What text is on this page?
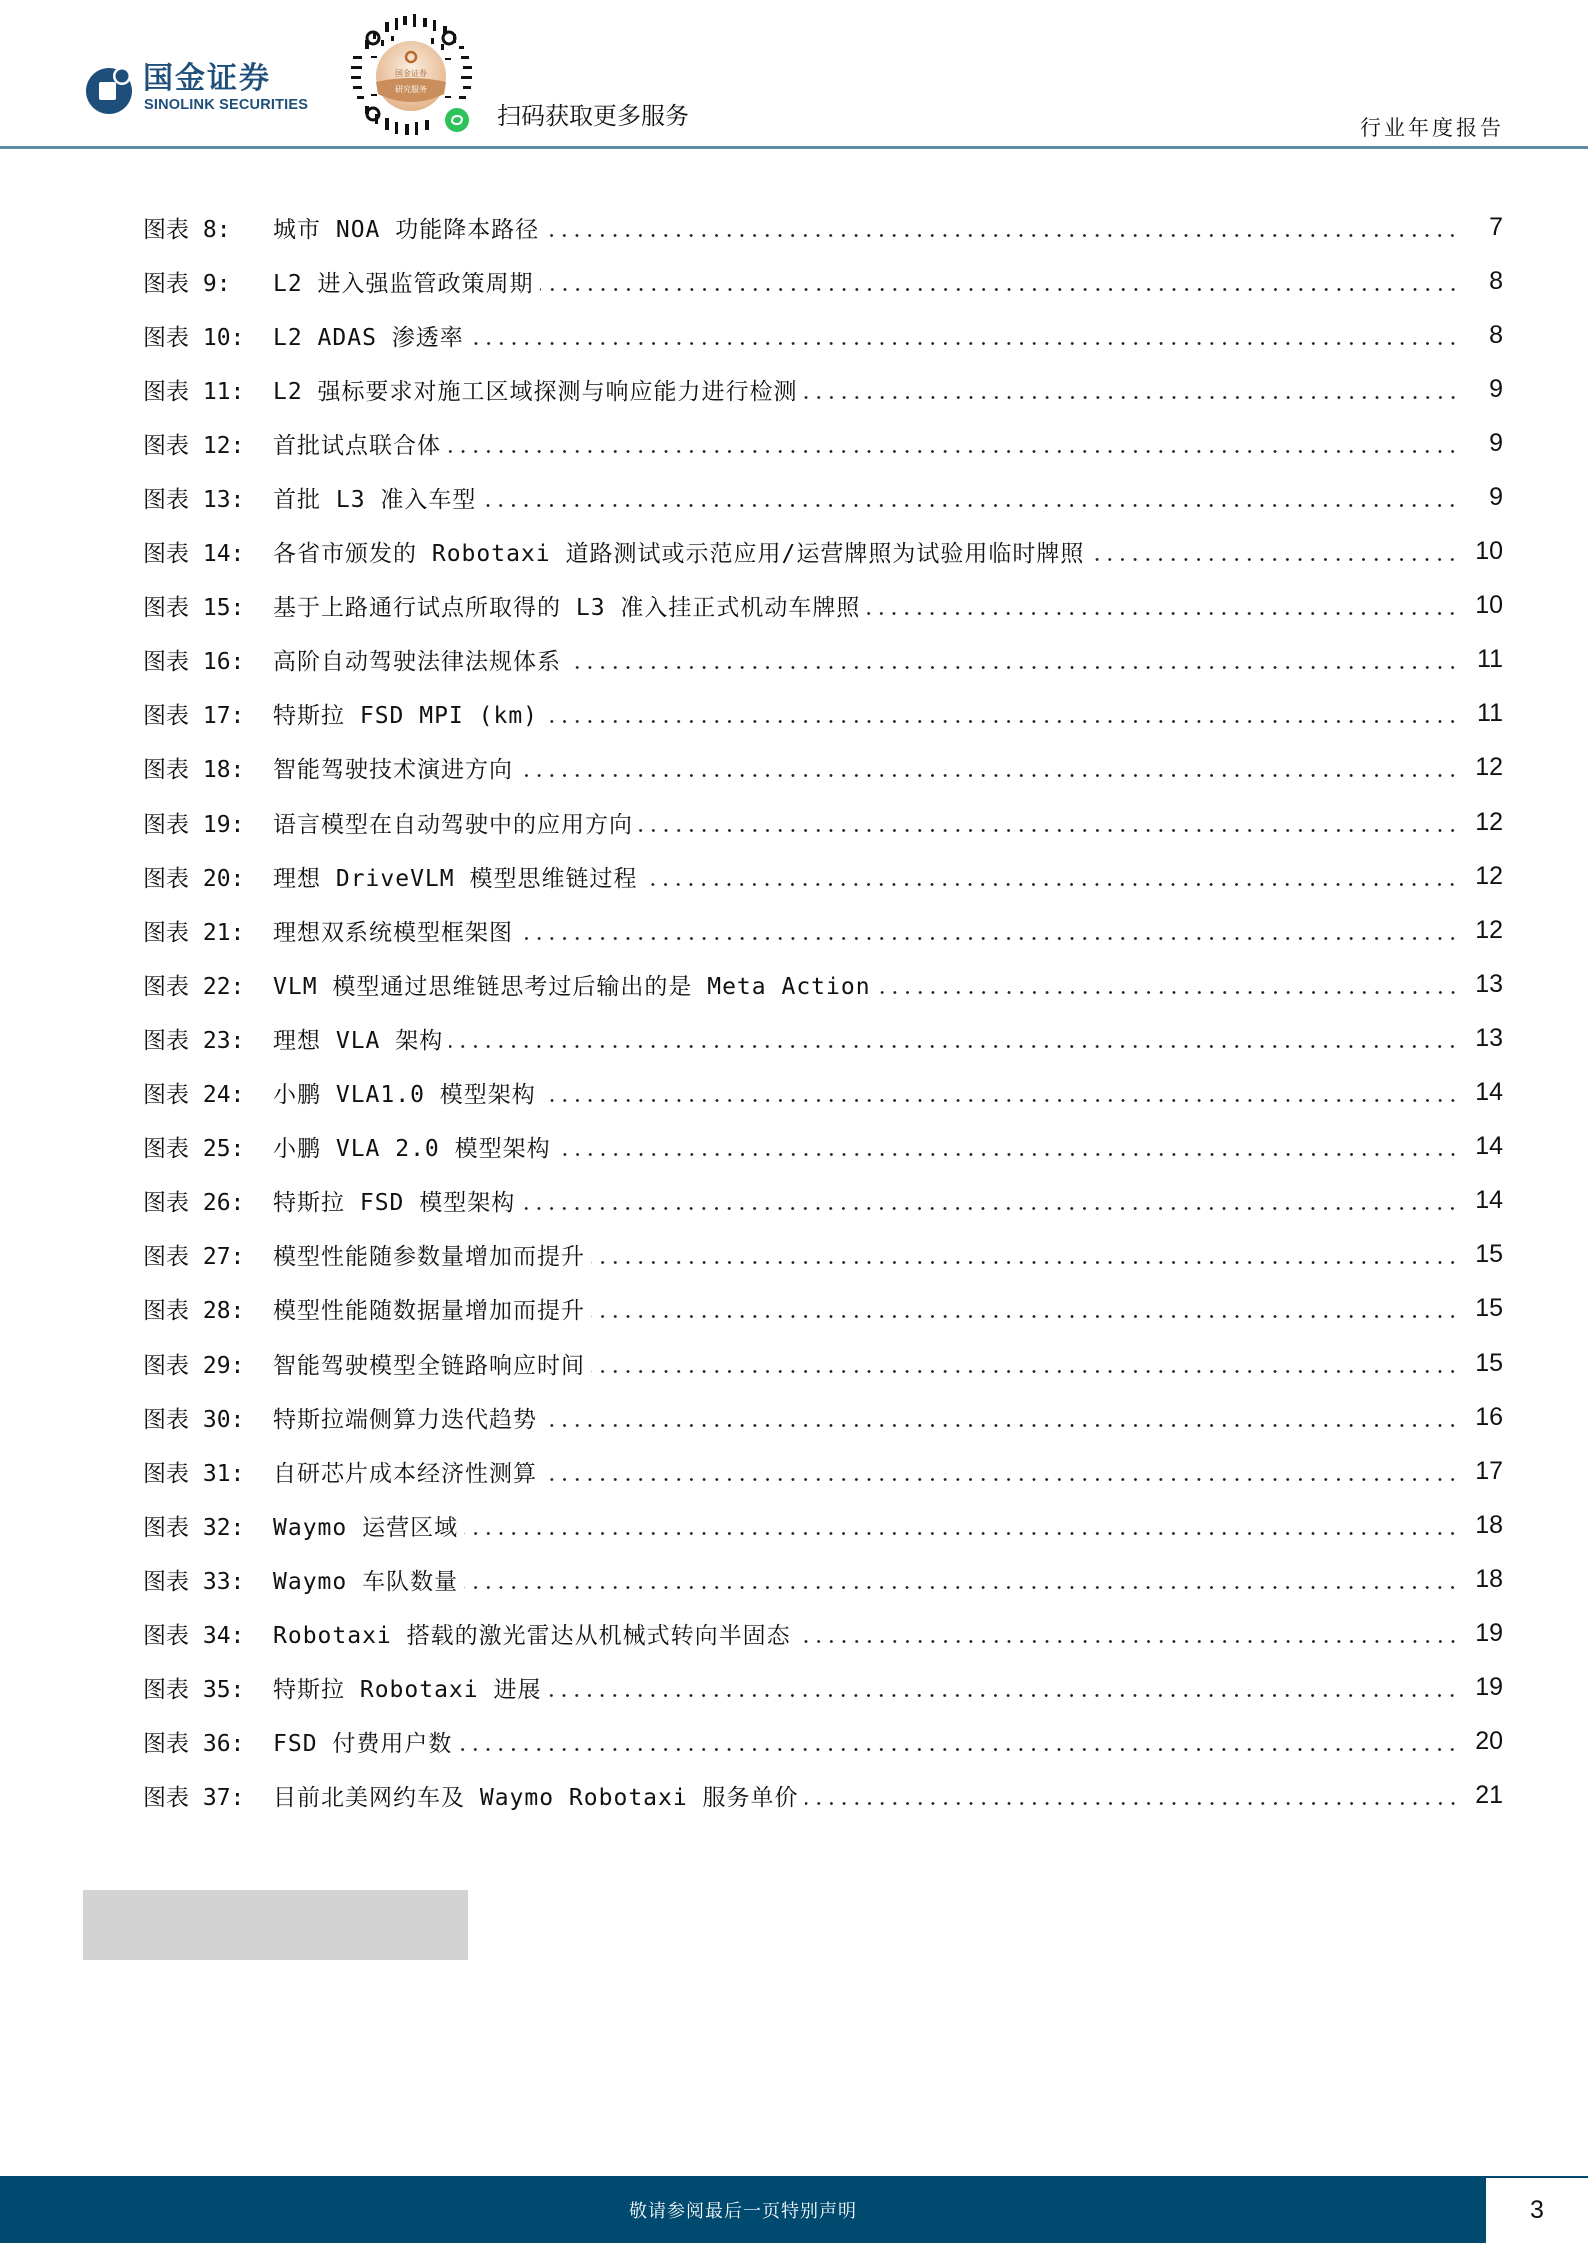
国金证券
SINOLINK SECURITIES
国金证券
研究服务
扫码获取更多服务	行业年度报告
图表 8:	城市 NOA 功能降本路径	7
图表 9:	L2 进入强监管政策周期	8
图表 10:	L2 ADAS 渗透率	8
图表 11:	L2 强标要求对施工区域探测与响应能力进行检测	9
图表 12:	首批试点联合体	9
图表 13:	首批 L3 准入车型	9
图表 14:	各省市颁发的 Robotaxi 道路测试或示范应用/运营牌照为试验用临时牌照	10
图表 15:	基于上路通行试点所取得的 L3 准入挂正式机动车牌照	10
图表 16:	高阶自动驾驶法律法规体系	11
图表 17:	特斯拉 FSD MPI (km)	11
图表 18:	智能驾驶技术演进方向	12
图表 19:	语言模型在自动驾驶中的应用方向	12
图表 20:	理想 DriveVLM 模型思维链过程	12
图表 21:	理想双系统模型框架图	12
图表 22:	VLM 模型通过思维链思考过后输出的是 Meta Action	13
图表 23:	理想 VLA 架构	13
图表 24:	小鹏 VLA1.0 模型架构	14
图表 25:	小鹏 VLA 2.0 模型架构	14
图表 26:	特斯拉 FSD 模型架构	14
图表 27:	模型性能随参数量增加而提升	15
图表 28:	模型性能随数据量增加而提升	15
图表 29:	智能驾驶模型全链路响应时间	15
图表 30:	特斯拉端侧算力迭代趋势	16
图表 31:	自研芯片成本经济性测算	17
图表 32:	Waymo 运营区域	18
图表 33:	Waymo 车队数量	18
图表 34:	Robotaxi 搭载的激光雷达从机械式转向半固态	19
图表 35:	特斯拉 Robotaxi 进展	19
图表 36:	FSD 付费用户数	20
图表 37:	目前北美网约车及 Waymo Robotaxi 服务单价	21
敬请参阅最后一页特别声明	3
